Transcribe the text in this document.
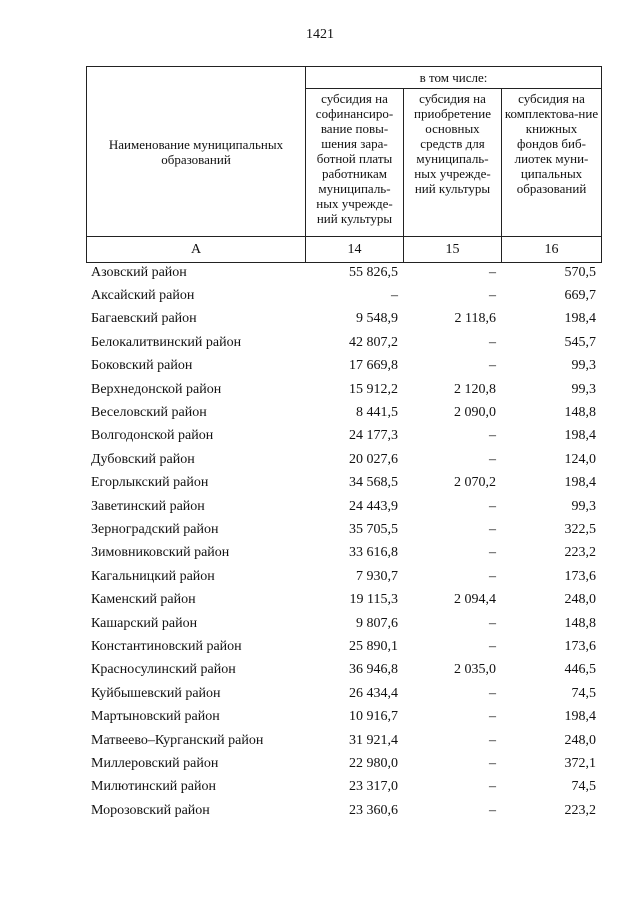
1421
Наименование муниципальных образований	в том числе:		
	субсидия на софинансиро-вание повы-шения зара-ботной платы работникам муниципаль-ных учрежде-ний культуры	субсидия на приобретение основных средств для муниципаль-ных учрежде-ний культуры	субсидия на комплектова-ние книжных фондов биб-лиотек муни-ципальных образований
А	14	15	16
Азовский район	55 826,5	–	570,5
Аксайский район	–	–	669,7
Багаевский район	9 548,9	2 118,6	198,4
Белокалитвинский район	42 807,2	–	545,7
Боковский район	17 669,8	–	99,3
Верхнедонской район	15 912,2	2 120,8	99,3
Веселовский район	8 441,5	2 090,0	148,8
Волгодонской район	24 177,3	–	198,4
Дубовский район	20 027,6	–	124,0
Егорлыкский район	34 568,5	2 070,2	198,4
Заветинский район	24 443,9	–	99,3
Зерноградский район	35 705,5	–	322,5
Зимовниковский район	33 616,8	–	223,2
Кагальницкий район	7 930,7	–	173,6
Каменский район	19 115,3	2 094,4	248,0
Кашарский район	9 807,6	–	148,8
Константиновский район	25 890,1	–	173,6
Красносулинский район	36 946,8	2 035,0	446,5
Куйбышевский район	26 434,4	–	74,5
Мартыновский район	10 916,7	–	198,4
Матвеево–Курганский район	31 921,4	–	248,0
Миллеровский район	22 980,0	–	372,1
Милютинский район	23 317,0	–	74,5
Морозовский район	23 360,6	–	223,2
